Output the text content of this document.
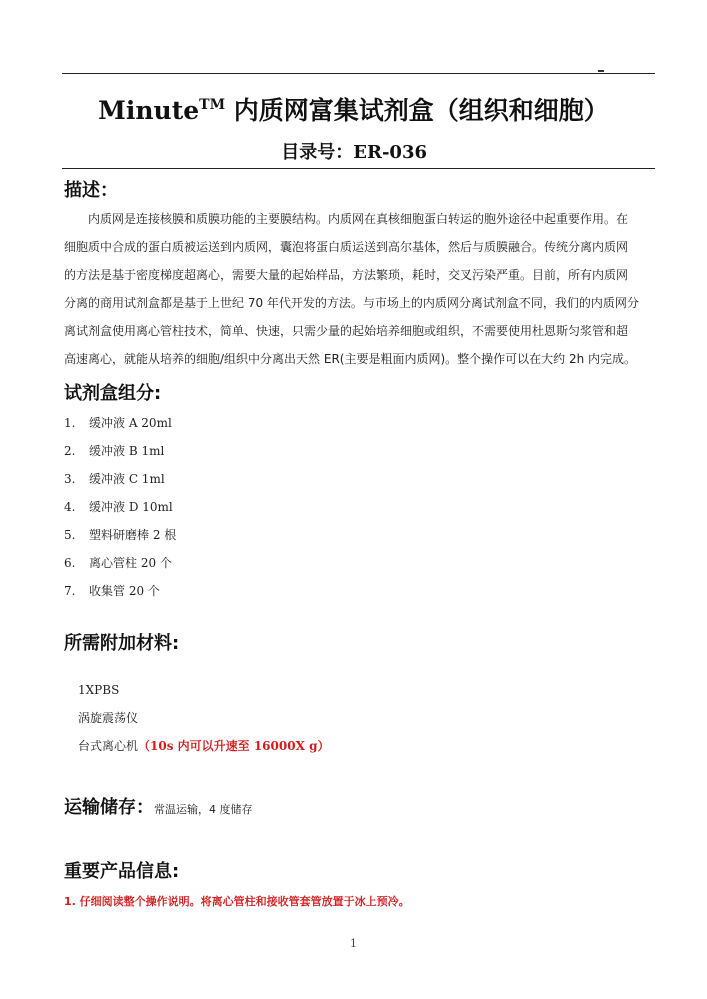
Minute™ 内质网富集试剂盒（组织和细胞）
目录号：ER-036
描述：
内质网是连接核膜和质膜功能的主要膜结构。内质网在真核细胞蛋白转运的胞外途径中起重要作用。在
细胞质中合成的蛋白质被运送到内质网，囊泡将蛋白质运送到高尔基体，然后与质膜融合。传统分离内质网
的方法是基于密度梯度超离心，需要大量的起始样品，方法繁琐，耗时，交叉污染严重。目前，所有内质网
分离的商用试剂盒都是基于上世纪 70 年代开发的方法。与市场上的内质网分离试剂盒不同，我们的内质网分
离试剂盒使用离心管柱技术，简单、快速，只需少量的起始培养细胞或组织，不需要使用杜恩斯匀浆管和超
高速离心，就能从培养的细胞/组织中分离出天然 ER(主要是粗面内质网)。整个操作可以在大约 2h 内完成。
试剂盒组分:
1. 缓冲液 A 20ml
2. 缓冲液 B 1ml
3. 缓冲液 C 1ml
4. 缓冲液 D 10ml
5. 塑料研磨棒 2 根
6. 离心管柱 20 个
7. 收集管 20 个
所需附加材料:
1XPBS
涡旋震荡仪
台式离心机（10s 内可以升速至 16000X g）
运输储存：常温运输，4 度储存
重要产品信息:
1. 仔细阅读整个操作说明。将离心管柱和接收管套管放置于冰上预冷。
1
